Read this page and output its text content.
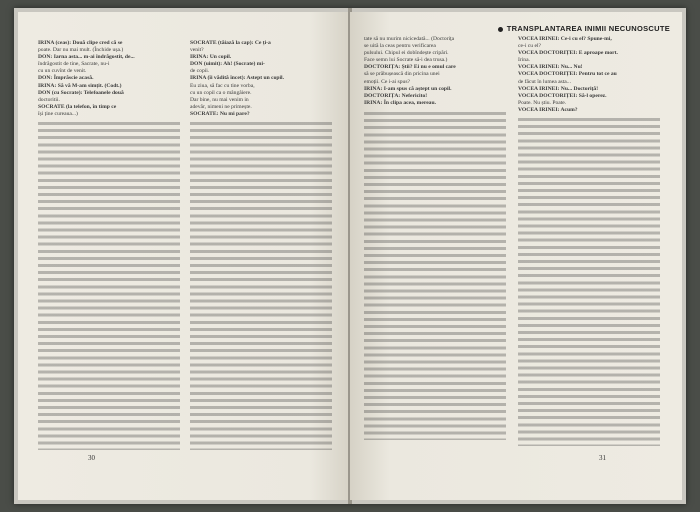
IRINA (ceas): Două clipe cred că se
poate. Dar nu mai mult. (Închide ușa.)
DON: Iarna asta... m-ai îndrăgostit, de...
îndrăgostit de tine, Sacrate, nu-i
cu un cuvînt de venit.
DON: Împrăscie acasă.
IRINA: Să vă M-am simțit. (Codt.)
DON (cu Socrate): Telefoanele două
doctoritii.
SOCRATE (la telefon, în timp ce
își ține cureaua...)
SOCRATE (tăiază la cap): Ce ți-a
venit?
IRINA: Un copil.
DON (uimit): Ah! (Socrate) mi-
de copii.
IRINA (îi vădită încet): Astept un copil.
Eu ziua, să fac cu tine vorba,
cu un copil ca o mângâiere.
Dar bine, nu mai venim in
adevăr, nimeni ne primește.
SOCRATE: Nu mi pare?
30
TRANSPLANTAREA INIMII NECUNOSCUTE
tate să nu murim nicicedată... (Doctoriţa
se uită la ceas pentru verificarea
pulsului. Chipul ei dobîndește cripări.
Face semn lui Socrate să-i dea trusa.)
DOCTORIȚA: Știi? Ei nu e omul care
să se prăbușească din pricina unei
emoții. Ce i-ai spus?
IRINA: I-am spus că aștept un copil.
DOCTORIȚA: Nefericito!
IRINA: În clipa acea, mereau.
VOCEA IRINEI: Ce-i cu el? Spune-mi,
ce-i cu el?
VOCEA DOCTORIȚEI: E aproape mort.
Irina.
VOCEA IRINEI: Nu... Nu!
VOCEA DOCTORIȚEI: Pentru tot ce au
de făcut în lumea asta...
VOCEA IRINEI: Nu... Doctoriţă!
VOCEA DOCTORIȚEI: Să-l operez.
Poate. Nu știu. Poate.
VOCEA IRINEI: Acum?
31
